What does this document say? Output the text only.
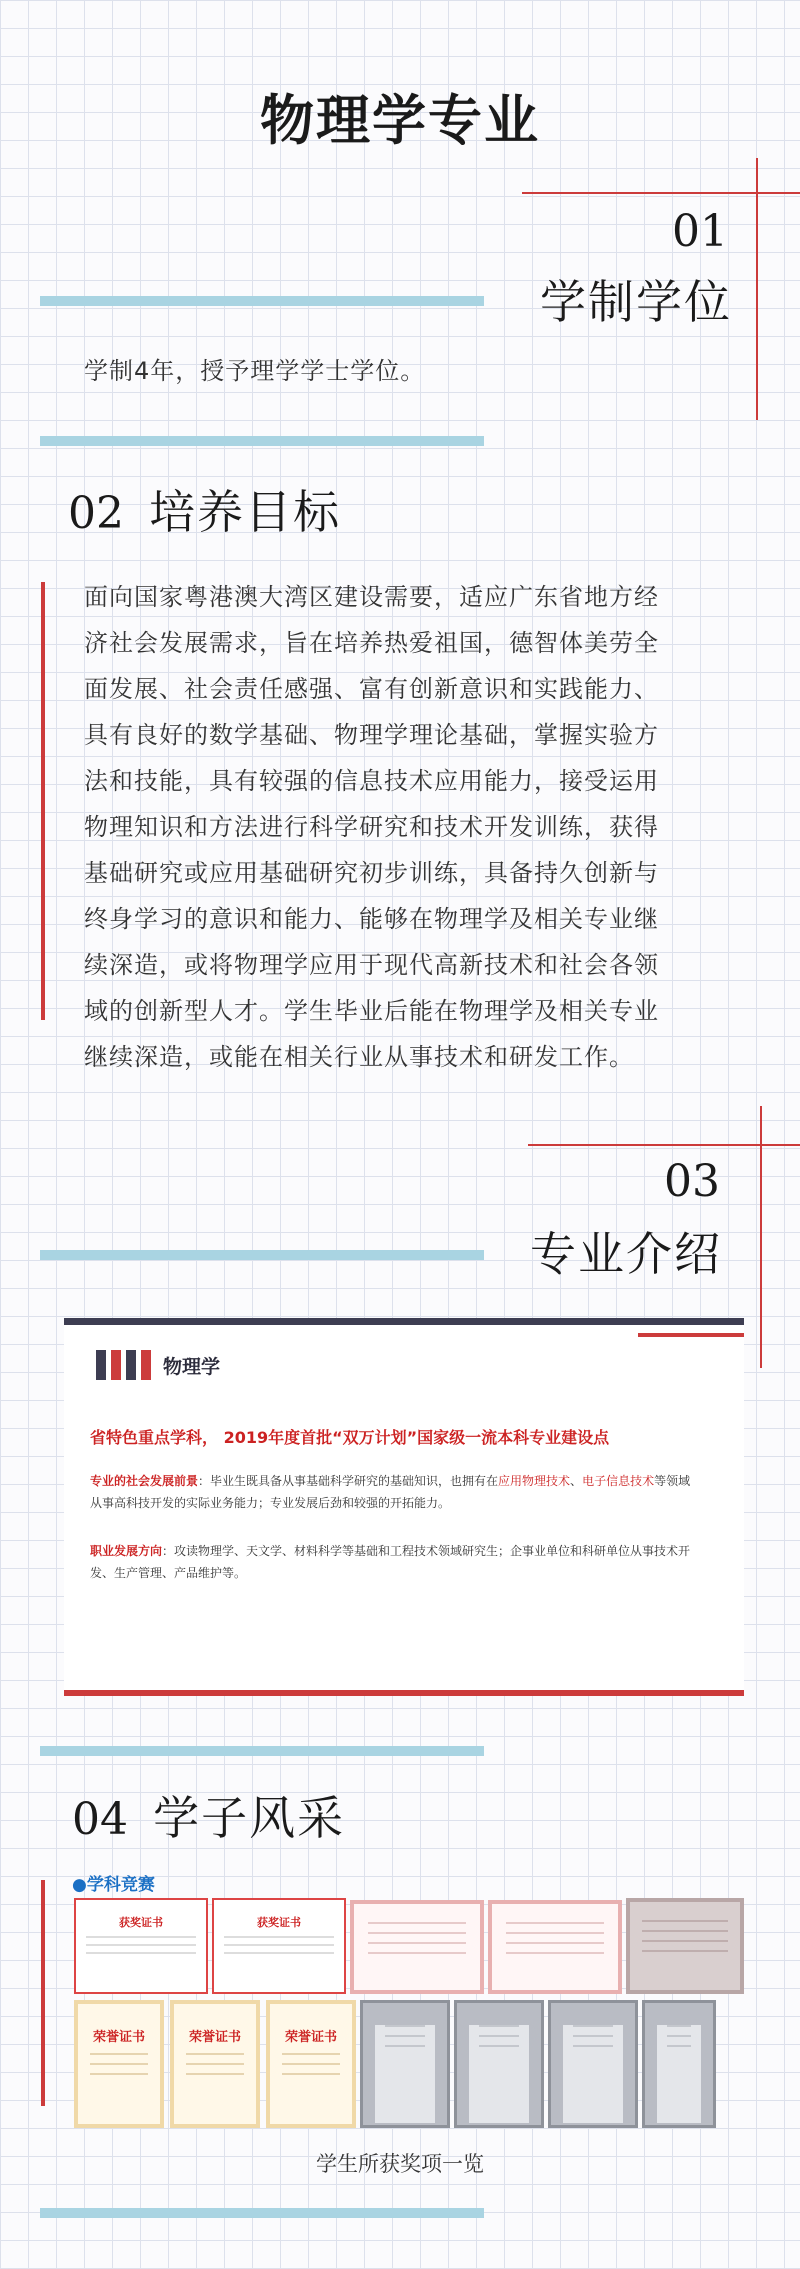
物理学专业
01
学制学位
学制4年，授予理学学士学位。
02 培养目标
面向国家粤港澳大湾区建设需要，适应广东省地方经
济社会发展需求，旨在培养热爱祖国，德智体美劳全
面发展、社会责任感强、富有创新意识和实践能力、
具有良好的数学基础、物理学理论基础，掌握实验方
法和技能，具有较强的信息技术应用能力，接受运用
物理知识和方法进行科学研究和技术开发训练，获得
基础研究或应用基础研究初步训练，具备持久创新与
终身学习的意识和能力、能够在物理学及相关专业继
续深造，或将物理学应用于现代高新技术和社会各领
域的创新型人才。学生毕业后能在物理学及相关专业
继续深造，或能在相关行业从事技术和研发工作。
03
专业介绍
物理学
省特色重点学科， 2019年度首批“双万计划”国家级一流本科专业建设点
专业的社会发展前景：毕业生既具备从事基础科学研究的基础知识，也拥有在应用物理技术、电子信息技术等领域
从事高科技开发的实际业务能力；专业发展后劲和较强的开拓能力。
职业发展方向：攻读物理学、天文学、材料科学等基础和工程技术领域研究生；企事业单位和科研单位从事技术开
发、生产管理、产品维护等。
04 学子风采
●学科竞赛
获奖证书	获奖证书
荣誉证书	荣誉证书	荣誉证书
学生所获奖项一览
